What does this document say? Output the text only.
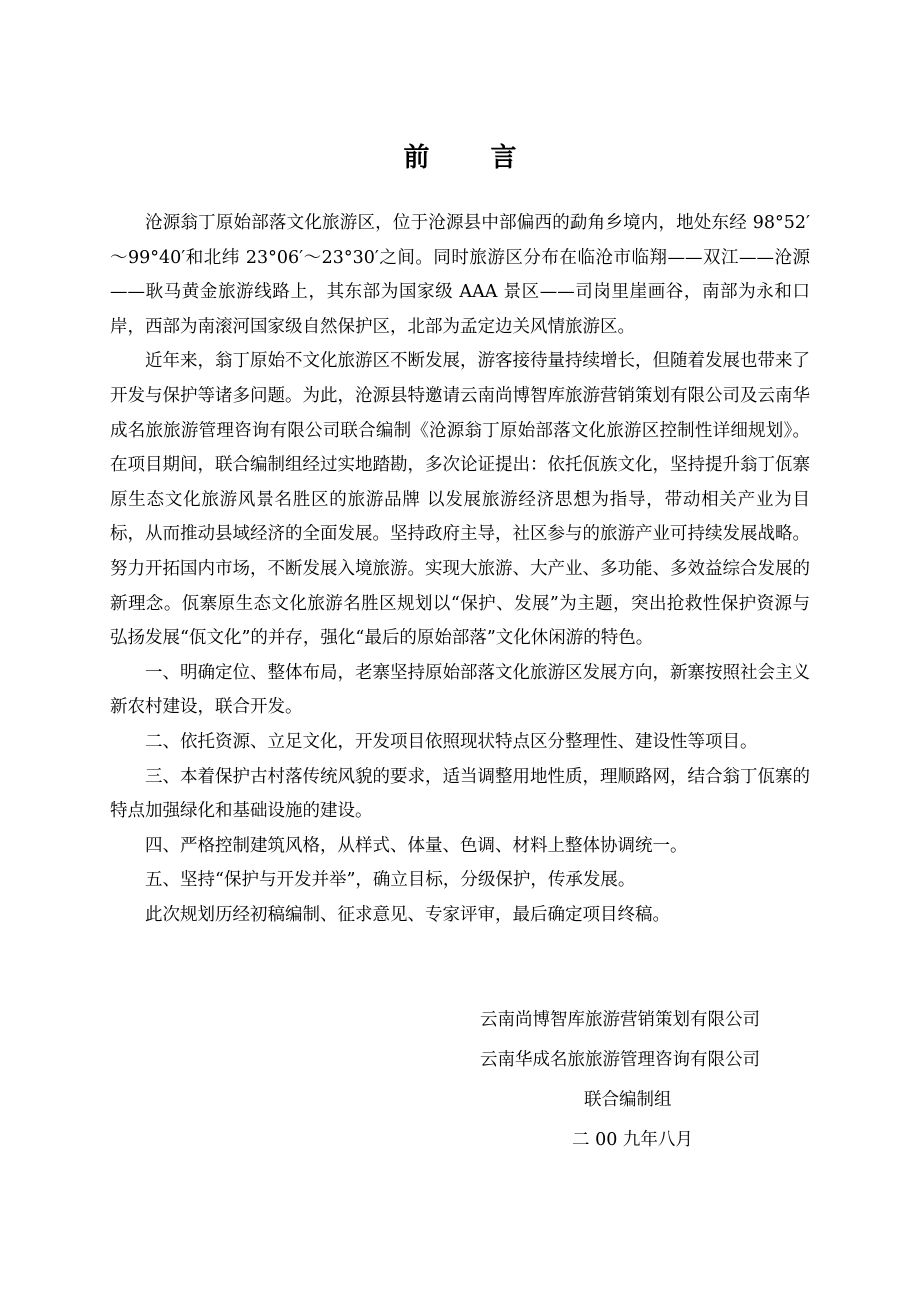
前 言

沧源翁丁原始部落文化旅游区，位于沧源县中部偏西的勐角乡境内，地处东经 98°52′～99°40′和北纬 23°06′～23°30′之间。同时旅游区分布在临沧市临翔——双江——沧源——耿马黄金旅游线路上，其东部为国家级 AAA 景区——司岗里崖画谷，南部为永和口岸，西部为南滚河国家级自然保护区，北部为孟定边关风情旅游区。

近年来，翁丁原始不文化旅游区不断发展，游客接待量持续增长，但随着发展也带来了开发与保护等诸多问题。为此，沧源县特邀请云南尚博智库旅游营销策划有限公司及云南华成名旅旅游管理咨询有限公司联合编制《沧源翁丁原始部落文化旅游区控制性详细规划》。在项目期间，联合编制组经过实地踏勘，多次论证提出：依托佤族文化，坚持提升翁丁佤寨原生态文化旅游风景名胜区的旅游品牌 以发展旅游经济思想为指导，带动相关产业为目标，从而推动县域经济的全面发展。坚持政府主导，社区参与的旅游产业可持续发展战略。努力开拓国内市场，不断发展入境旅游。实现大旅游、大产业、多功能、多效益综合发展的新理念。佤寨原生态文化旅游名胜区规划以“保护、发展”为主题，突出抢救性保护资源与弘扬发展“佤文化”的并存，强化“最后的原始部落”文化休闲游的特色。

一、明确定位、整体布局，老寨坚持原始部落文化旅游区发展方向，新寨按照社会主义新农村建设，联合开发。

二、依托资源、立足文化，开发项目依照现状特点区分整理性、建设性等项目。

三、本着保护古村落传统风貌的要求，适当调整用地性质，理顺路网，结合翁丁佤寨的特点加强绿化和基础设施的建设。

四、严格控制建筑风格，从样式、体量、色调、材料上整体协调统一。

五、坚持“保护与开发并举”，确立目标，分级保护，传承发展。

此次规划历经初稿编制、征求意见、专家评审，最后确定项目终稿。

云南尚博智库旅游营销策划有限公司

云南华成名旅旅游管理咨询有限公司

联合编制组

二 00 九年八月
